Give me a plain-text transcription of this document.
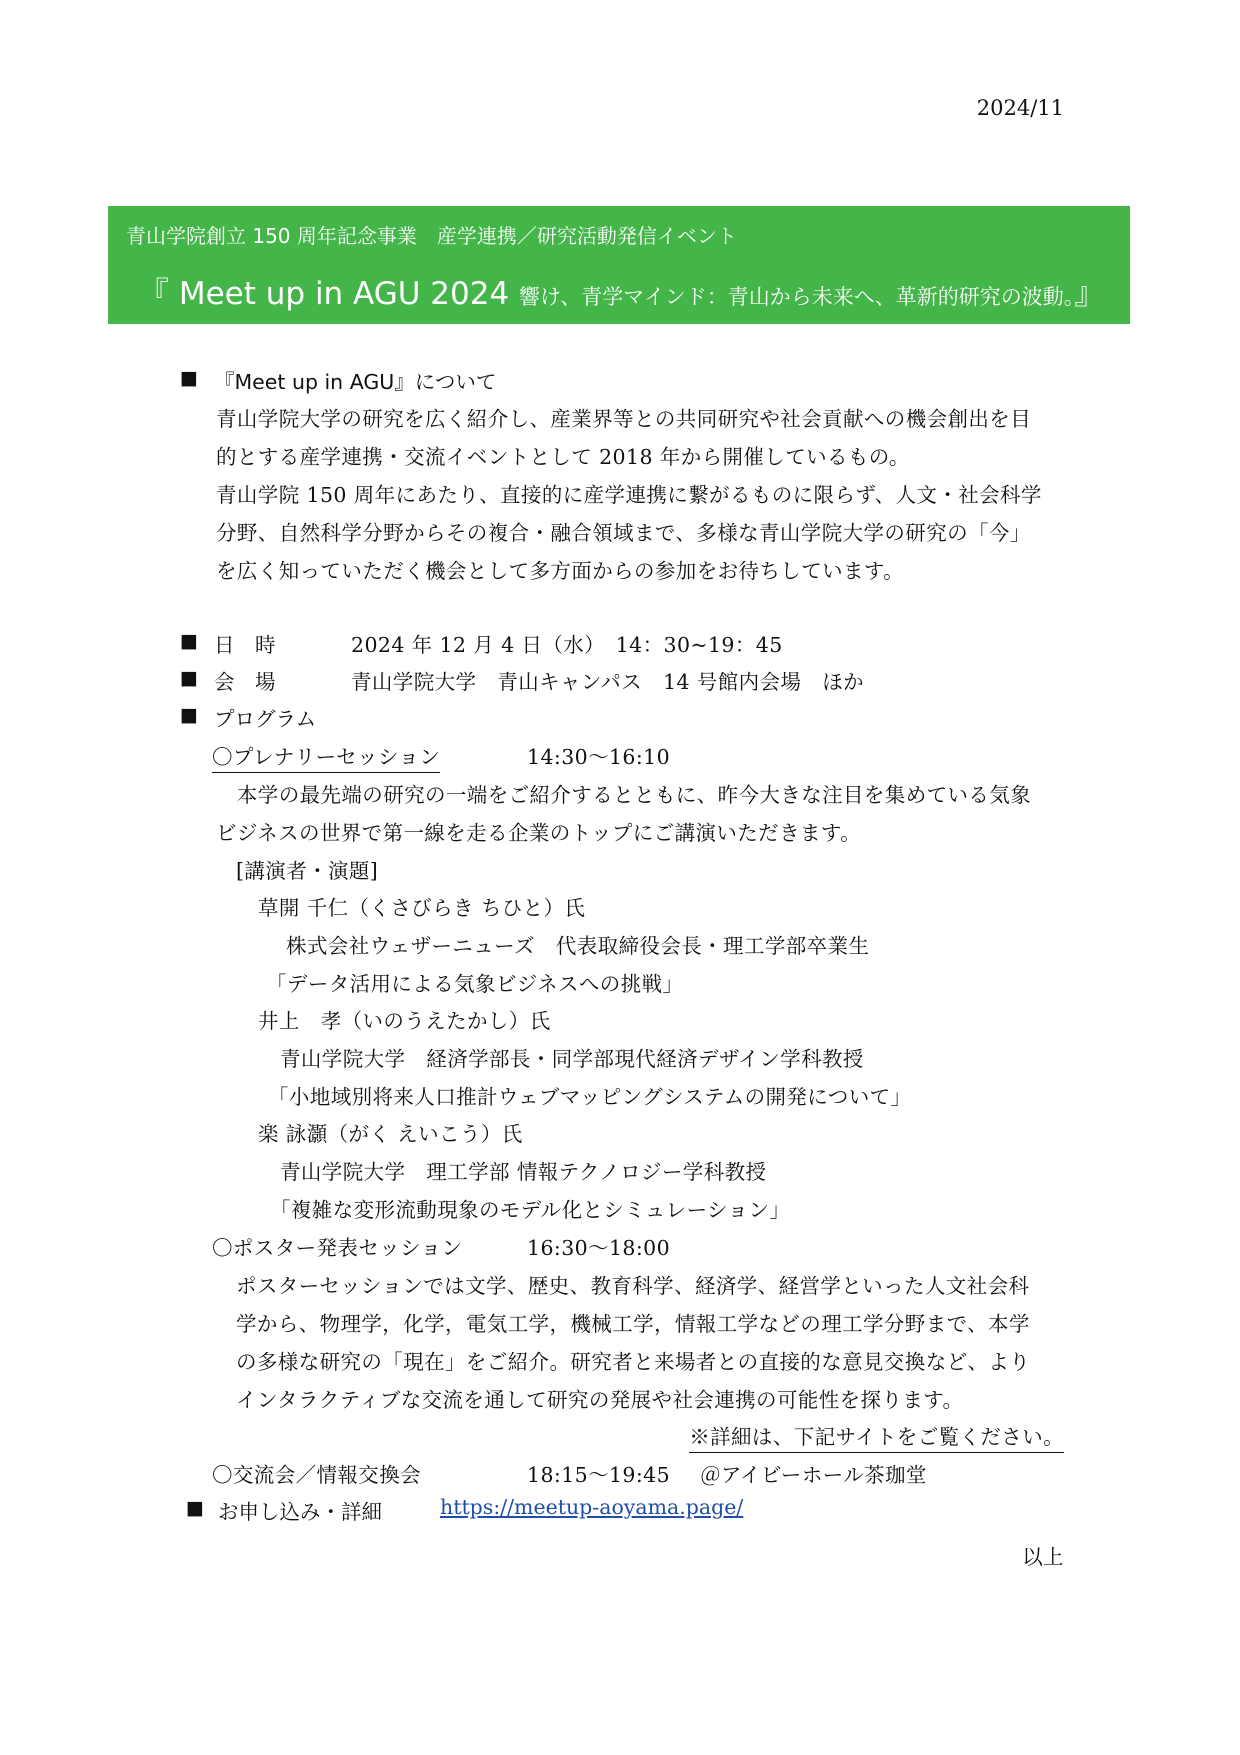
2024/11
青山学院創立 150 周年記念事業　産学連携／研究活動発信イベント
『 Meet up in AGU 2024 響け、青学マインド：青山から未来へ、革新的研究の波動。』
■ 『Meet up in AGU』について
青山学院大学の研究を広く紹介し、産業界等との共同研究や社会貢献への機会創出を目
的とする産学連携・交流イベントとして 2018 年から開催しているもの。
青山学院 150 周年にあたり、直接的に産学連携に繋がるものに限らず、人文・社会科学
分野、自然科学分野からその複合・融合領域まで、多様な青山学院大学の研究の「今」
を広く知っていただく機会として多方面からの参加をお待ちしています。
■ 日　時	2024 年 12 月 4 日（水）　14：30~19：45
■ 会　場	青山学院大学　青山キャンパス　14 号館内会場　ほか
■ プログラム
〇プレナリーセッション	14:30〜16:10
　本学の最先端の研究の一端をご紹介するとともに、昨今大きな注目を集めている気象
ビジネスの世界で第一線を走る企業のトップにご講演いただきます。
[講演者・演題]
草開 千仁（くさびらき ちひと）氏
株式会社ウェザーニューズ　代表取締役会長・理工学部卒業生
「データ活用による気象ビジネスへの挑戦」
井上　孝（いのうえたかし）氏
青山学院大学　経済学部長・同学部現代経済デザイン学科教授
「小地域別将来人口推計ウェブマッピングシステムの開発について」
楽 詠灝（がく えいこう）氏
青山学院大学　理工学部 情報テクノロジー学科教授
「複雑な変形流動現象のモデル化とシミュレーション」
〇ポスター発表セッション	16:30〜18:00
ポスターセッションでは文学、歴史、教育科学、経済学、経営学といった人文社会科
学から、物理学，化学，電気工学，機械工学，情報工学などの理工学分野まで、本学
の多様な研究の「現在」をご紹介。研究者と来場者との直接的な意見交換など、より
インタラクティブな交流を通して研究の発展や社会連携の可能性を探ります。
※詳細は、下記サイトをご覧ください。
〇交流会／情報交換会	18:15〜19:45 ＠アイビーホール茶珈堂
■ お申し込み・詳細	https://meetup-aoyama.page/
以上
